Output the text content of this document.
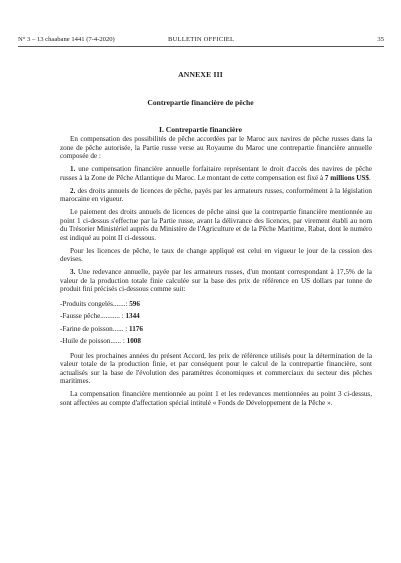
N° 3 – 13 chaabane 1441 (7-4-2020)	BULLETIN OFFICIEL	35
ANNEXE III
Contrepartie financière de pêche
I. Contrepartie financière

En compensation des possibilités de pêche accordées par le Maroc aux navires de pêche russes dans la zone de pêche autorisée, la Partie russe verse au Royaume du Maroc une contrepartie financière annuelle composée de :

1. une compensation financière annuelle forfaitaire représentant le droit d'accès des navires de pêche russes à la Zone de Pêche Atlantique du Maroc. Le montant de cette compensation est fixé à 7 millions US$.

2. des droits annuels de licences de pêche, payés par les armateurs russes, conformément à la législation marocaine en vigueur.

Le paiement des droits annuels de licences de pêche ainsi que la contrepartie financière mentionnée au point 1 ci-dessus s'effectue par la Partie russe, avant la délivrance des licences, par virement établi au nom du Trésorier Ministériel auprès du Ministère de l'Agriculture et de la Pêche Maritime, Rabat, dont le numéro est indiqué au point II ci-dessous.

Pour les licences de pêche, le taux de change appliqué est celui en vigueur le jour de la cession des devises.

3. Une redevance annuelle, payée par les armateurs russes, d'un montant correspondant à 17,5% de la valeur de la production totale finie calculée sur la base des prix de référence en US dollars par tonne de produit fini précisés ci-dessous comme suit:

-Produits congelés.......: 596
-Fausse pêche........... : 1344
-Farine de poisson...... : 1176
-Huile de poisson...... : 1008

Pour les prochaines années du présent Accord, les prix de référence utilisés pour la détermination de la valeur totale de la production finie, et par conséquent pour le calcul de la contrepartie financière, sont actualisés sur la base de l'évolution des paramètres économiques et commerciaux du secteur des pêches maritimes.

La compensation financière mentionnée au point 1 et les redevances mentionnées au point 3 ci-dessus, sont affectées au compte d'affectation spécial intitulé « Fonds de Développement de la Pêche ».
